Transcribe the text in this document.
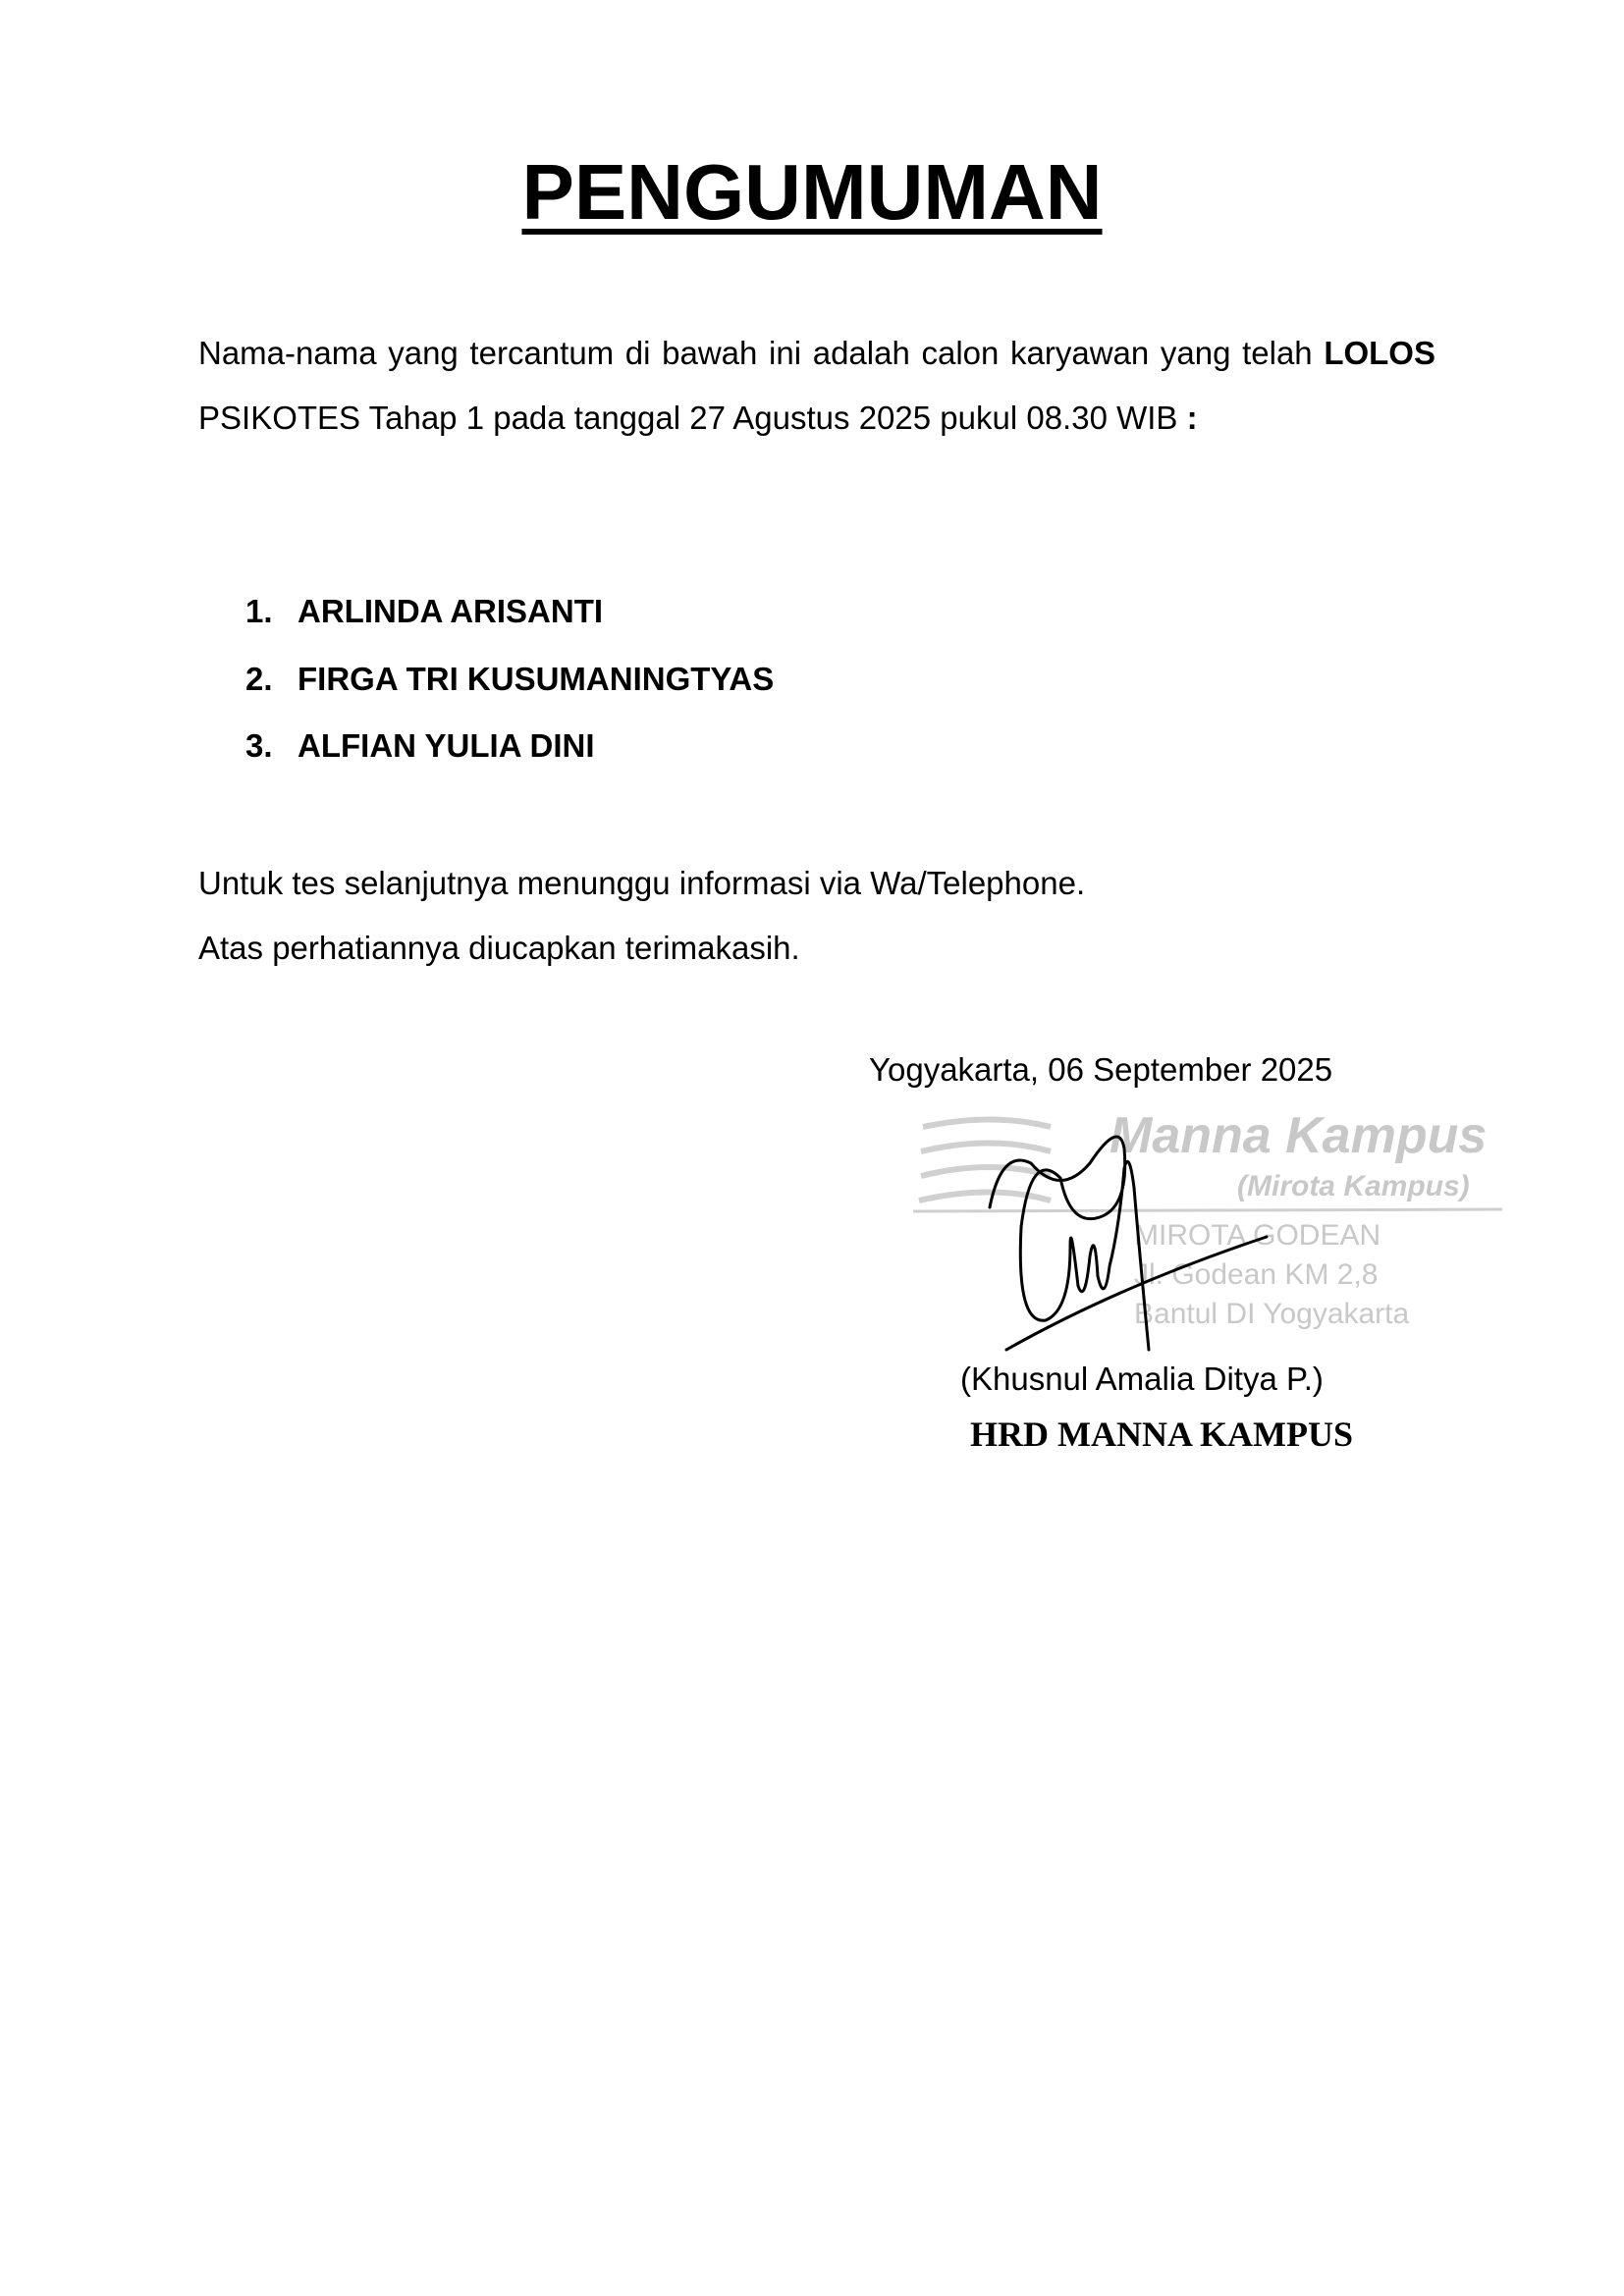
PENGUMUMAN
Nama-nama yang tercantum di bawah ini adalah calon karyawan yang telah LOLOS PSIKOTES Tahap 1 pada tanggal 27 Agustus 2025 pukul 08.30 WIB :
1. ARLINDA ARISANTI
2. FIRGA TRI KUSUMANINGTYAS
3. ALFIAN YULIA DINI
Untuk tes selanjutnya menunggu informasi via Wa/Telephone.
Atas perhatiannya diucapkan terimakasih.
Yogyakarta, 06 September 2025
Manna Kampus
(Mirota Kampus)
MIROTA GODEAN
Jl. Godean KM 2,8
Bantul DI Yogyakarta
(Khusnul Amalia Ditya P.)
HRD MANNA KAMPUS
